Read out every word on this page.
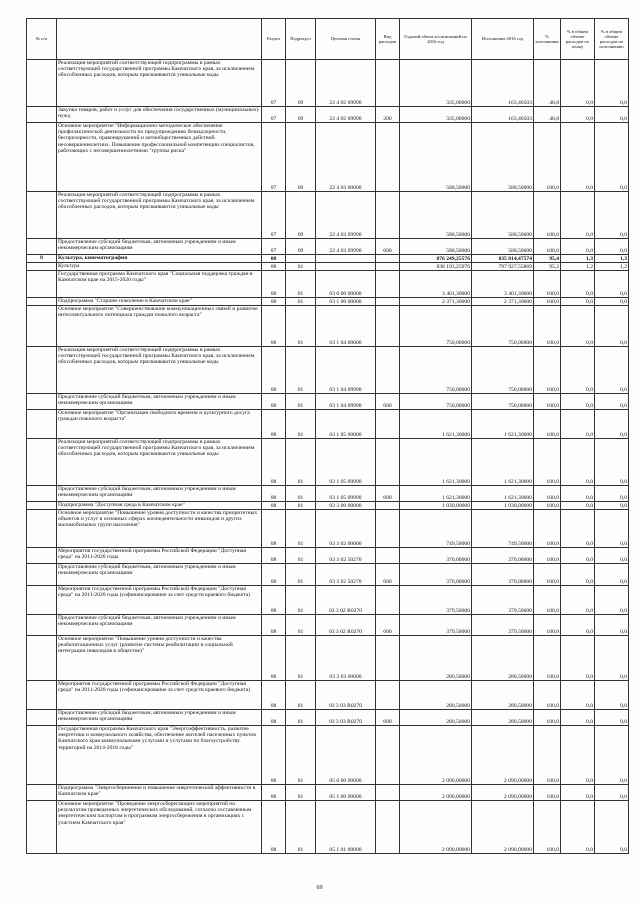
№ п/п		Раздел	Подраздел	Целевая статья	Вид расходов	Годовой объем ассигнований на 2016 год	Исполнение 2016 год	% исполнения	% в общем объеме расходов по плану	% в общем объеме расходов по исполнению
	Реализация мероприятий соответствующей подпрограммы в рамках соответствующей государственной программы Камчатского края, за исключением обособленных расходов, которым присваиваются уникальные коды	07	09	22 4 02 09990		335,00000	163,46503	48,8	0,0	0,0
	Закупка товаров, работ и услуг для обеспечения государственных (муниципальных) нужд	07	09	22 4 02 09990	200	335,00000	163,46503	48,8	0,0	0,0
	Основное мероприятие "Информационно-методическое обеспечение профилактической деятельности по предупреждению безнадзорности, беспризорности, правонарушений и антиобщественных действий несовершеннолетних. Повышение профессиональной компетенции специалистов, работающих с несовершеннолетними "группы риска"	07	09	22 4 03 00000		588,50000	588,50000	100,0	0,0	0,0
	Реализация мероприятий соответствующей подпрограммы в рамках соответствующей государственной программы Камчатского края, за исключением обособленных расходов, которым присваиваются уникальные коды	07	09	22 4 03 09990		588,50000	588,50000	100,0	0,0	0,0
	Предоставление субсидий бюджетным, автономным учреждениям и иным некоммерческим организациям	07	09	22 4 03 09990	600	588,50000	588,50000	100,0	0,0	0,0
8	Культура, кинематография	08				876 249,25576	835 814,47574	95,4	1,3	1,3
	Культура	08	01			838 193,25976	797 927,55869	95,2	1,2	1,2
	Государственная программа Камчатского края "Социальная поддержка граждан в Камчатском крае на 2015-2020 годы"	08	01	03 0 00 00000		3 401,30000	3 401,30000	100,0	0,0	0,0
	Подпрограмма "Старшее поколение в Камчатском крае"	08	01	03 1 00 00000		2 371,30000	2 371,30000	100,0	0,0	0,0
	Основное мероприятие "Совершенствование коммуникационных связей и развитие интеллектуального потенциала граждан пожилого возраста"	08	01	03 1 04 00000		750,00000	750,00000	100,0	0,0	0,0
	Реализация мероприятий соответствующей подпрограммы в рамках соответствующей государственной программы Камчатского края, за исключением обособленных расходов, которым присваиваются уникальные коды	08	01	03 1 04 09990		750,00000	750,00000	100,0	0,0	0,0
	Предоставление субсидий бюджетным, автономным учреждениям и иным некоммерческим организациям	08	01	03 1 04 09990	600	750,00000	750,00000	100,0	0,0	0,0
	Основное мероприятие "Организация свободного времени и культурного досуга граждан пожилого возраста"	08	01	03 1 05 00000		1 621,30000	1 621,30000	100,0	0,0	0,0
	Реализация мероприятий соответствующей подпрограммы в рамках соответствующей государственной программы Камчатского края, за исключением обособленных расходов, которым присваиваются уникальные коды	08	01	03 1 05 09990		1 621,30000	1 621,30000	100,0	0,0	0,0
	Предоставление субсидий бюджетным, автономным учреждениям и иным некоммерческим организациям	08	01	03 1 05 09990	600	1 621,30000	1 621,30000	100,0	0,0	0,0
	Подпрограмма "Доступная среда в Камчатском крае"	08	01	03 3 00 00000		1 030,00000	1 030,00000	100,0	0,0	0,0
	Основное мероприятие "Повышение уровня доступности и качества приоритетных объектов и услуг в основных сферах жизнедеятельности инвалидов и других маломобильных групп населения"	08	01	03 3 02 00000		749,50000	749,50000	100,0	0,0	0,0
	Мероприятия государственной программы Российской Федерации "Доступная среда" на 2011-2020 годы	08	01	03 3 02 50270		370,00000	370,00000	100,0	0,0	0,0
	Предоставление субсидий бюджетным, автономным учреждениям и иным некоммерческим организациям	08	01	03 3 02 50270	600	370,00000	370,00000	100,0	0,0	0,0
	Мероприятия государственной программы Российской Федерации "Доступная среда" на 2011-2020 годы (софинансирование за счет средств краевого бюджета)	08	01	03 3 02 R0270		379,50000	379,50000	100,0	0,0	0,0
	Предоставление субсидий бюджетным, автономным учреждениям и иным некоммерческим организациям	08	01	03 3 02 R0270	600	379,50000	379,50000	100,0	0,0	0,0
	Основное мероприятие "Повышение уровня доступности и качества реабилитационных услуг (развитие системы реабилитации и социальной интеграции инвалидов в обществе)"	08	01	03 3 03 00000		280,50000	280,50000	100,0	0,0	0,0
	Мероприятия государственной программы Российской Федерации "Доступная среда" на 2011-2020 годы (софинансирование за счет средств краевого бюджета)	08	01	03 3 03 R0270		280,50000	280,50000	100,0	0,0	0,0
	Предоставление субсидий бюджетным, автономным учреждениям и иным некоммерческим организациям	08	01	03 3 03 R0270	600	280,50000	280,50000	100,0	0,0	0,0
	Государственная программа Камчатского края "Энергоэффективность, развитие энергетики и коммунального хозяйства, обеспечение жителей населенных пунктов Камчатского края коммунальными услугами и услугами по благоустройству территорий на 2014-2018 годы"	08	01	05 0 00 00000		2 090,00000	2 090,00000	100,0	0,0	0,0
	Подпрограмма "Энергосбережение и повышение энергетической эффективности в Камчатском крае"	08	01	05 1 00 00000		2 090,00000	2 090,00000	100,0	0,0	0,0
	Основное мероприятие "Проведение энергосберегающих мероприятий по результатам проведенных энергетических обследований, согласно составленным энергетическим паспортам и программам энергосбережения в организациях с участием Камчатского края"	08	01	05 1 01 00000		2 090,00000	2 090,00000	100,0	0,0	0,0
69
